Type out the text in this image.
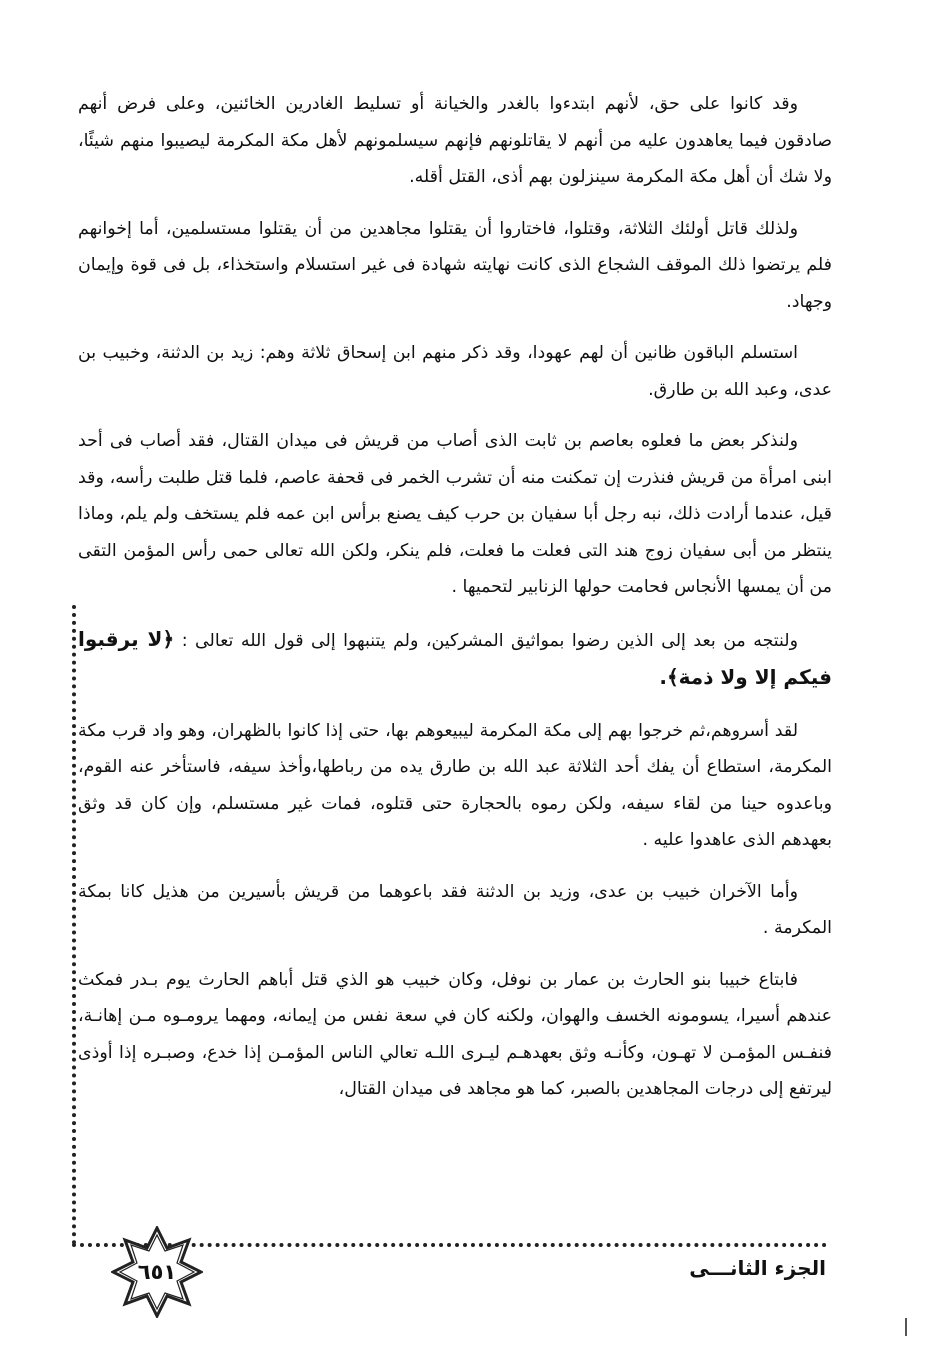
وقد كانوا على حق، لأنهم ابتدءوا بالغدر والخيانة أو تسليط الغادرين الخائنين، وعلى فرض أنهم صادقون فيما يعاهدون عليه من أنهم لا يقاتلونهم فإنهم سيسلمونهم لأهل مكة المكرمة ليصيبوا منهم شيئًا، ولا شك أن أهل مكة المكرمة سينزلون بهم أذى، القتل أقله.

ولذلك قاتل أولئك الثلاثة، وقتلوا، فاختاروا أن يقتلوا مجاهدين من أن يقتلوا مستسلمين، أما إخوانهم فلم يرتضوا ذلك الموقف الشجاع الذى كانت نهايته شهادة فى غير استسلام واستخذاء، بل فى قوة وإيمان وجهاد.

استسلم الباقون ظانين أن لهم عهودا، وقد ذكر منهم ابن إسحاق ثلاثة وهم: زيد بن الدثنة، وخبيب بن عدى، وعبد الله بن طارق.

ولنذكر بعض ما فعلوه بعاصم بن ثابت الذى أصاب من قريش فى ميدان القتال، فقد أصاب فى أحد ابنى امرأة من قريش فنذرت إن تمكنت منه أن تشرب الخمر فى قحفة عاصم، فلما قتل طلبت رأسه، وقد قيل، عندما أرادت ذلك، نبه رجل أبا سفيان بن حرب كيف يصنع برأس ابن عمه فلم يستخف ولم يلم، وماذا ينتظر من أبى سفيان زوج هند التى فعلت ما فعلت، فلم ينكر، ولكن الله تعالى حمى رأس المؤمن التقى من أن يمسها الأنجاس فحامت حولها الزنابير لتحميها .

ولنتجه من بعد إلى الذين رضوا بمواثيق المشركين، ولم يتنبهوا إلى قول الله تعالى : ﴿لا يرقبوا فيكم إلا ولا ذمة﴾.

لقد أسروهم،ثم خرجوا بهم إلى مكة المكرمة ليبيعوهم بها، حتى إذا كانوا بالظهران، وهو واد قرب مكة المكرمة، استطاع أن يفك أحد الثلاثة عبد الله بن طارق يده من رباطها،وأخذ سيفه، فاستأخر عنه القوم، وباعدوه حينا من لقاء سيفه، ولكن رموه بالحجارة حتى قتلوه، فمات غير مستسلم، وإن كان قد وثق بعهدهم الذى عاهدوا عليه .

وأما الآخران خبيب بن عدى، وزيد بن الدثنة فقد باعوهما من قريش بأسيرين من هذيل كانا بمكة المكرمة .

فابتاع خبيبا بنو الحارث بن عمار بن نوفل، وكان خبيب هو الذي قتل أباهم الحارث يوم بـدر فمكث عندهم أسيرا، يسومونه الخسف والهوان، ولكنه كان في سعة نفس من إيمانه، ومهما يرومـوه مـن إهانـة، فنفـس المؤمـن لا تهـون، وكأنـه وثق بعهدهـم ليـرى اللـه تعالي الناس المؤمـن إذا خدع، وصبـره إذا أوذى ليرتفع إلى درجات المجاهدين بالصبر، كما هو مجاهد فى ميدان القتال،

٦٥١	الجزء الثانـــى
